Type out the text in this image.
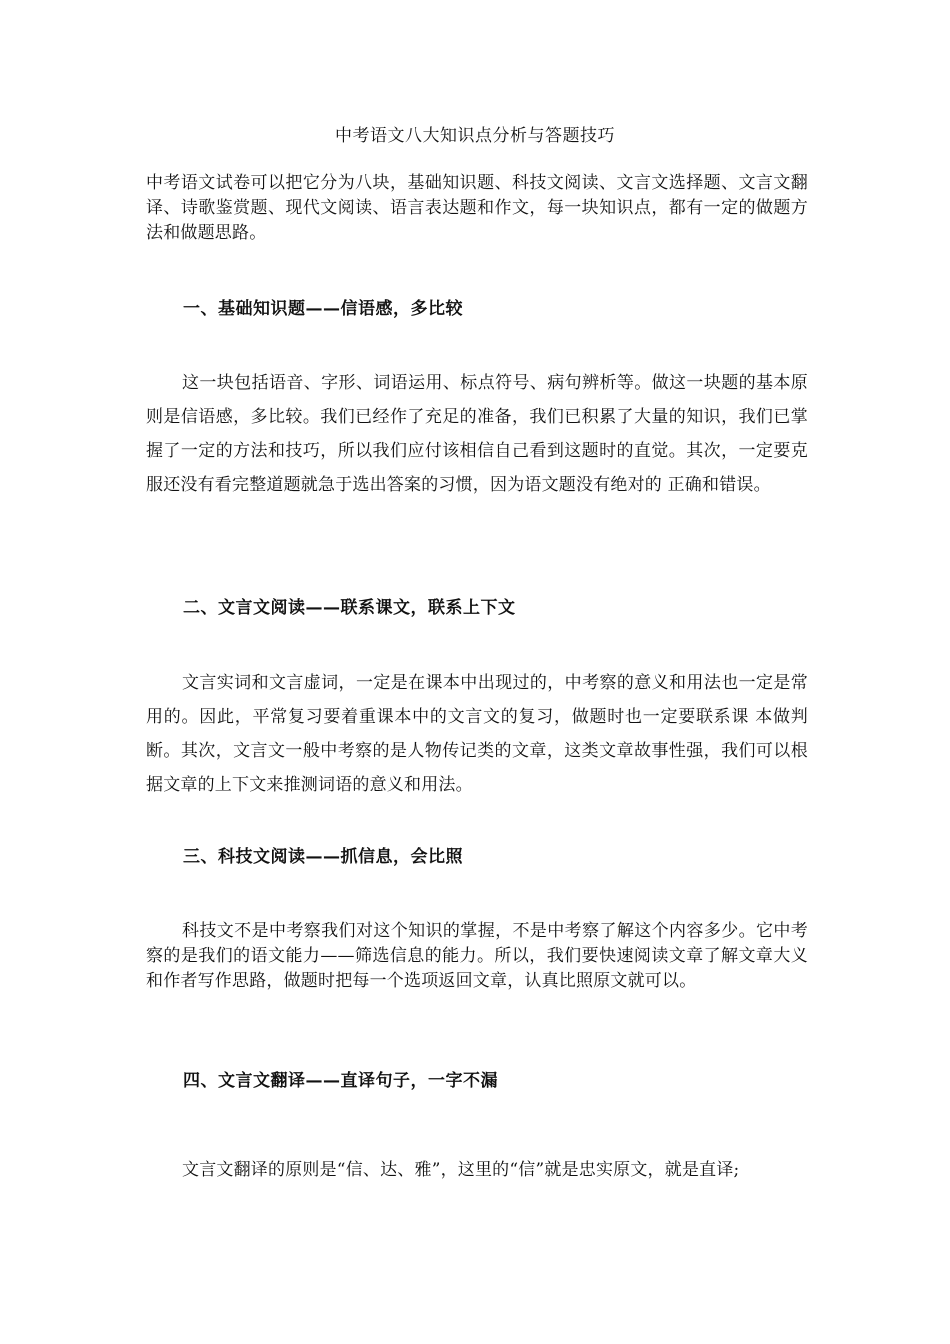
中考语文八大知识点分析与答题技巧
中考语文试卷可以把它分为八块，基础知识题、科技文阅读、文言文选择题、文言文翻译、诗歌鉴赏题、现代文阅读、语言表达题和作文，每一块知识点，都有一定的做题方法和做题思路。
一、基础知识题——信语感，多比较
这一块包括语音、字形、词语运用、标点符号、病句辨析等。做这一块题的基本原则是信语感，多比较。我们已经作了充足的准备，我们已积累了大量的知识，我们已掌握了一定的方法和技巧，所以我们应付该相信自己看到这题时的直觉。其次，一定要克服还没有看完整道题就急于选出答案的习惯，因为语文题没有绝对的 正确和错误。
二、文言文阅读——联系课文，联系上下文
文言实词和文言虚词，一定是在课本中出现过的，中考察的意义和用法也一定是常用的。因此，平常复习要着重课本中的文言文的复习，做题时也一定要联系课 本做判断。其次，文言文一般中考察的是人物传记类的文章，这类文章故事性强，我们可以根据文章的上下文来推测词语的意义和用法。
三、科技文阅读——抓信息，会比照
科技文不是中考察我们对这个知识的掌握，不是中考察了解这个内容多少。它中考察的是我们的语文能力——筛选信息的能力。所以，我们要快速阅读文章了解文章大义和作者写作思路，做题时把每一个选项返回文章，认真比照原文就可以。
四、文言文翻译——直译句子，一字不漏
文言文翻译的原则是“信、达、雅”，这里的“信”就是忠实原文，就是直译;
